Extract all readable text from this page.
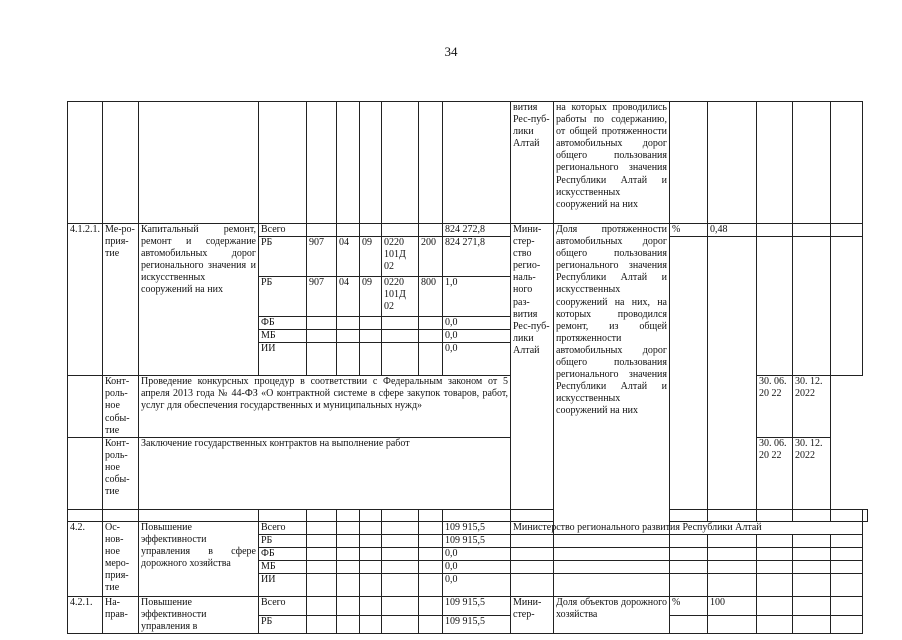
34
										вития Рес-пуб-лики Алтай	на которых проводились работы по содержанию, от общей протяженности автомобильных дорог общего пользования регионального значения Республики Алтай и искусственных сооружений на них						
4.1.2.1.	Ме-ро-прия-тие	Капитальный ремонт, ремонт и содержание автомобильных дорог регионального значения и искусственных сооружений на них	Всего						824 272,8	Мини-стер-ство регио-наль-ного раз-вития Рес-пуб-лики Алтай	Доля протяженности автомобильных дорог общего пользования регионального значения Республики Алтай и искусственных сооружений на них, на которых проводился ремонт, из общей протяженности автомобильных дорог общего пользования регионального значения Республики Алтай и искусственных сооружений на них	%	0,48				
			РБ	907	04	09	0220 101Д 02	200	824 271,8								
			РБ	907	04	09	0220 101Д 02	800	1,0								
			ФБ						0,0								
			МБ						0,0								
			ИИ						0,0								
	Конт-роль-ное собы-тие	Проведение конкурсных процедур в соответствии с Федеральным законом от 5 апреля 2013 года № 44-ФЗ «О контрактной системе в сфере закупок товаров, работ, услуг для обеспечения государственных и муниципальных нужд»												30. 06. 20 22	30. 12. 2022		
	Конт-роль-ное собы-тие	Заключение государственных контрактов на выполнение работ												30. 06. 20 22	30. 12. 2022		

4.2.	Ос-нов-ное меро-прия-тие	Повышение эффективности управления в сфере дорожного хозяйства	Всего						109 915,5	Министерство регионального развития Республики Алтай							
			РБ						109 915,5								
			ФБ						0,0								
			МБ						0,0								
			ИИ						0,0								
4.2.1.	На-прав-	Повышение эффективности управления в	Всего						109 915,5	Мини-стер-	Доля объектов дорожного хозяйства	%	100				
			РБ						109 915,5								
